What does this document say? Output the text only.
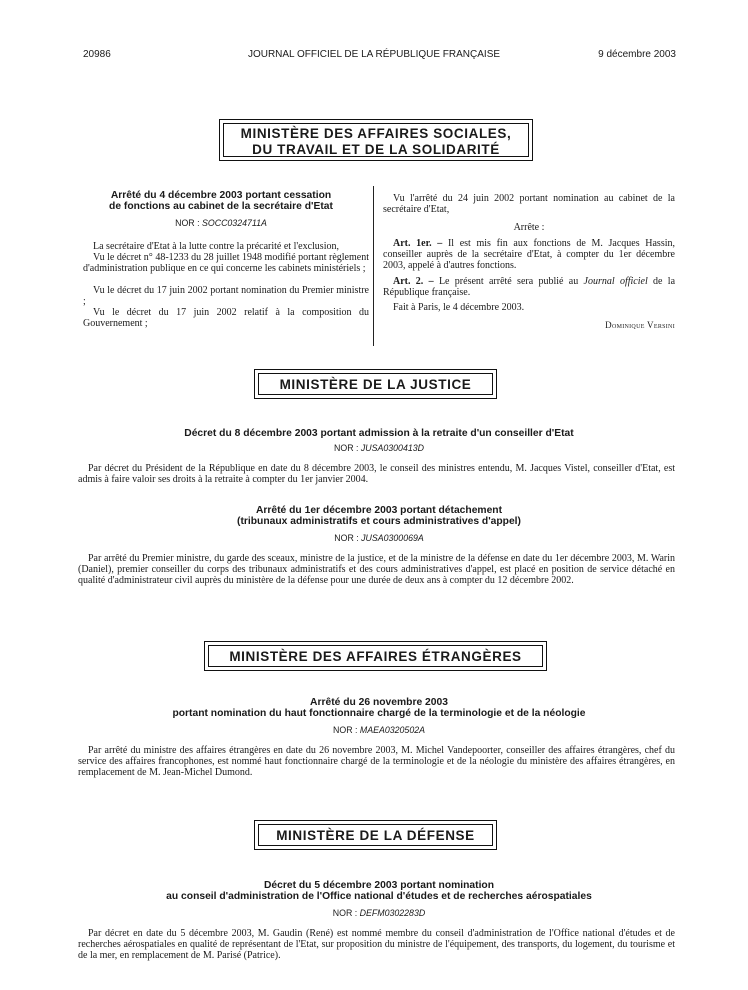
20986	JOURNAL OFFICIEL DE LA RÉPUBLIQUE FRANÇAISE	9 décembre 2003
MINISTÈRE DES AFFAIRES SOCIALES,
DU TRAVAIL ET DE LA SOLIDARITÉ
Arrêté du 4 décembre 2003 portant cessation
de fonctions au cabinet de la secrétaire d'Etat
NOR : SOCC0324711A

La secrétaire d'Etat à la lutte contre la précarité et l'exclusion,

Vu le décret n° 48-1233 du 28 juillet 1948 modifié portant règlement d'administration publique en ce qui concerne les cabinets ministériels ;

Vu le décret du 17 juin 2002 portant nomination du Premier ministre ;

Vu le décret du 17 juin 2002 relatif à la composition du Gouvernement ;

Vu l'arrêté du 24 juin 2002 portant nomination au cabinet de la secrétaire d'Etat,

Arrête :

Art. 1er. – Il est mis fin aux fonctions de M. Jacques Hassin, conseiller auprès de la secrétaire d'Etat, à compter du 1er décembre 2003, appelé à d'autres fonctions.

Art. 2. – Le présent arrêté sera publié au Journal officiel de la République française.

Fait à Paris, le 4 décembre 2003.

Dominique Versini

MINISTÈRE DE LA JUSTICE
Décret du 8 décembre 2003 portant admission à la retraite d'un conseiller d'Etat
NOR : JUSA0300413D

Par décret du Président de la République en date du 8 décembre 2003, le conseil des ministres entendu, M. Jacques Vistel, conseiller d'Etat, est admis à faire valoir ses droits à la retraite à compter du 1er janvier 2004.

Arrêté du 1er décembre 2003 portant détachement
(tribunaux administratifs et cours administratives d'appel)
NOR : JUSA0300069A

Par arrêté du Premier ministre, du garde des sceaux, ministre de la justice, et de la ministre de la défense en date du 1er décembre 2003, M. Warin (Daniel), premier conseiller du corps des tribunaux administratifs et des cours administratives d'appel, est placé en position de service détaché en qualité d'administrateur civil auprès du ministère de la défense pour une durée de deux ans à compter du 12 décembre 2002.

MINISTÈRE DES AFFAIRES ÉTRANGÈRES
Arrêté du 26 novembre 2003
portant nomination du haut fonctionnaire chargé de la terminologie et de la néologie
NOR : MAEA0320502A

Par arrêté du ministre des affaires étrangères en date du 26 novembre 2003, M. Michel Vandepoorter, conseiller des affaires étrangères, chef du service des affaires francophones, est nommé haut fonctionnaire chargé de la terminologie et de la néologie du ministère des affaires étrangères, en remplacement de M. Jean-Michel Dumond.

MINISTÈRE DE LA DÉFENSE
Décret du 5 décembre 2003 portant nomination
au conseil d'administration de l'Office national d'études et de recherches aérospatiales
NOR : DEFM0302283D

Par décret en date du 5 décembre 2003, M. Gaudin (René) est nommé membre du conseil d'administration de l'Office national d'études et de recherches aérospatiales en qualité de représentant de l'Etat, sur proposition du ministre de l'équipement, des transports, du logement, du tourisme et de la mer, en remplacement de M. Parisé (Patrice).
